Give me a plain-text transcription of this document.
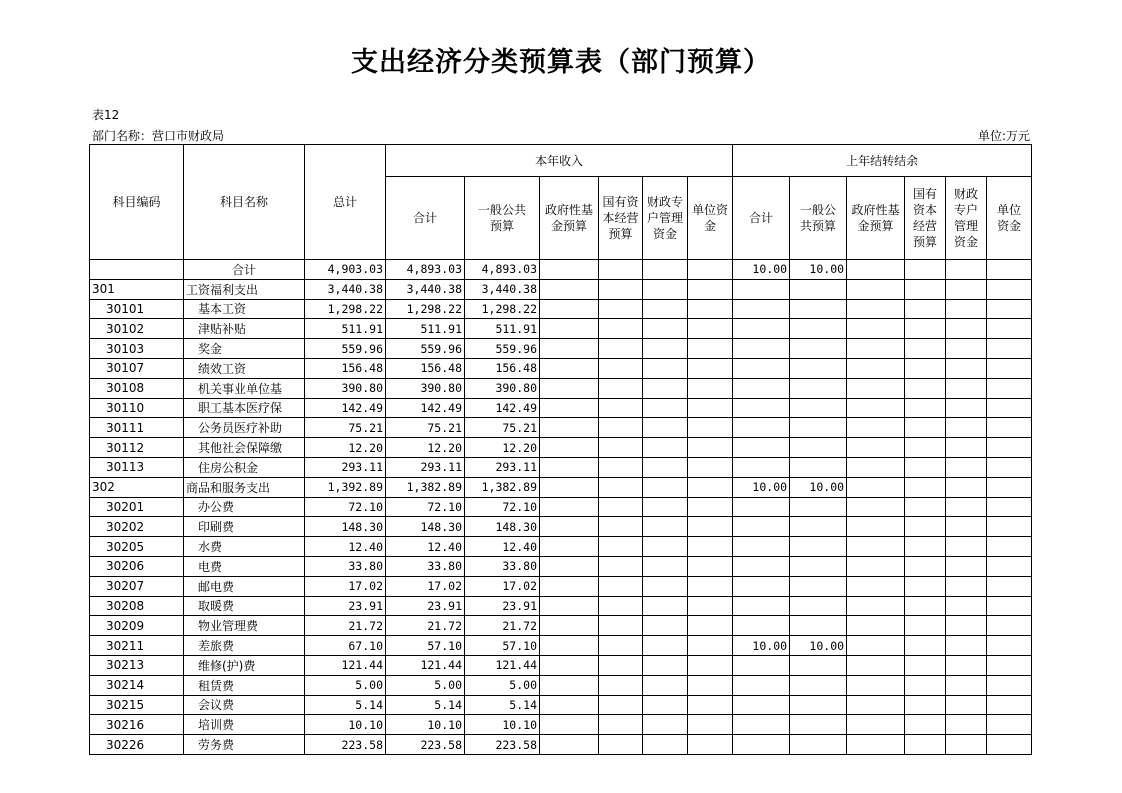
支出经济分类预算表（部门预算）
表12
部门名称：营口市财政局	单位:万元
科目编码	科目名称	总计	本年收入						上年结转结余					
			合计	一般公共预算	政府性基金预算	国有资本经营预算	财政专户管理资金	单位资金	合计	一般公共预算	政府性基金预算	国有资本经营预算	财政专户管理资金	单位资金
	合计	4,903.03	4,893.03	4,893.03					10.00	10.00				
301	工资福利支出	3,440.38	3,440.38	3,440.38										
30101	基本工资	1,298.22	1,298.22	1,298.22										
30102	津贴补贴	511.91	511.91	511.91										
30103	奖金	559.96	559.96	559.96										
30107	绩效工资	156.48	156.48	156.48										
30108	机关事业单位基	390.80	390.80	390.80										
30110	职工基本医疗保	142.49	142.49	142.49										
30111	公务员医疗补助	75.21	75.21	75.21										
30112	其他社会保障缴	12.20	12.20	12.20										
30113	住房公积金	293.11	293.11	293.11										
302	商品和服务支出	1,392.89	1,382.89	1,382.89					10.00	10.00				
30201	办公费	72.10	72.10	72.10										
30202	印刷费	148.30	148.30	148.30										
30205	水费	12.40	12.40	12.40										
30206	电费	33.80	33.80	33.80										
30207	邮电费	17.02	17.02	17.02										
30208	取暖费	23.91	23.91	23.91										
30209	物业管理费	21.72	21.72	21.72										
30211	差旅费	67.10	57.10	57.10					10.00	10.00				
30213	维修(护)费	121.44	121.44	121.44										
30214	租赁费	5.00	5.00	5.00										
30215	会议费	5.14	5.14	5.14										
30216	培训费	10.10	10.10	10.10										
30226	劳务费	223.58	223.58	223.58										
